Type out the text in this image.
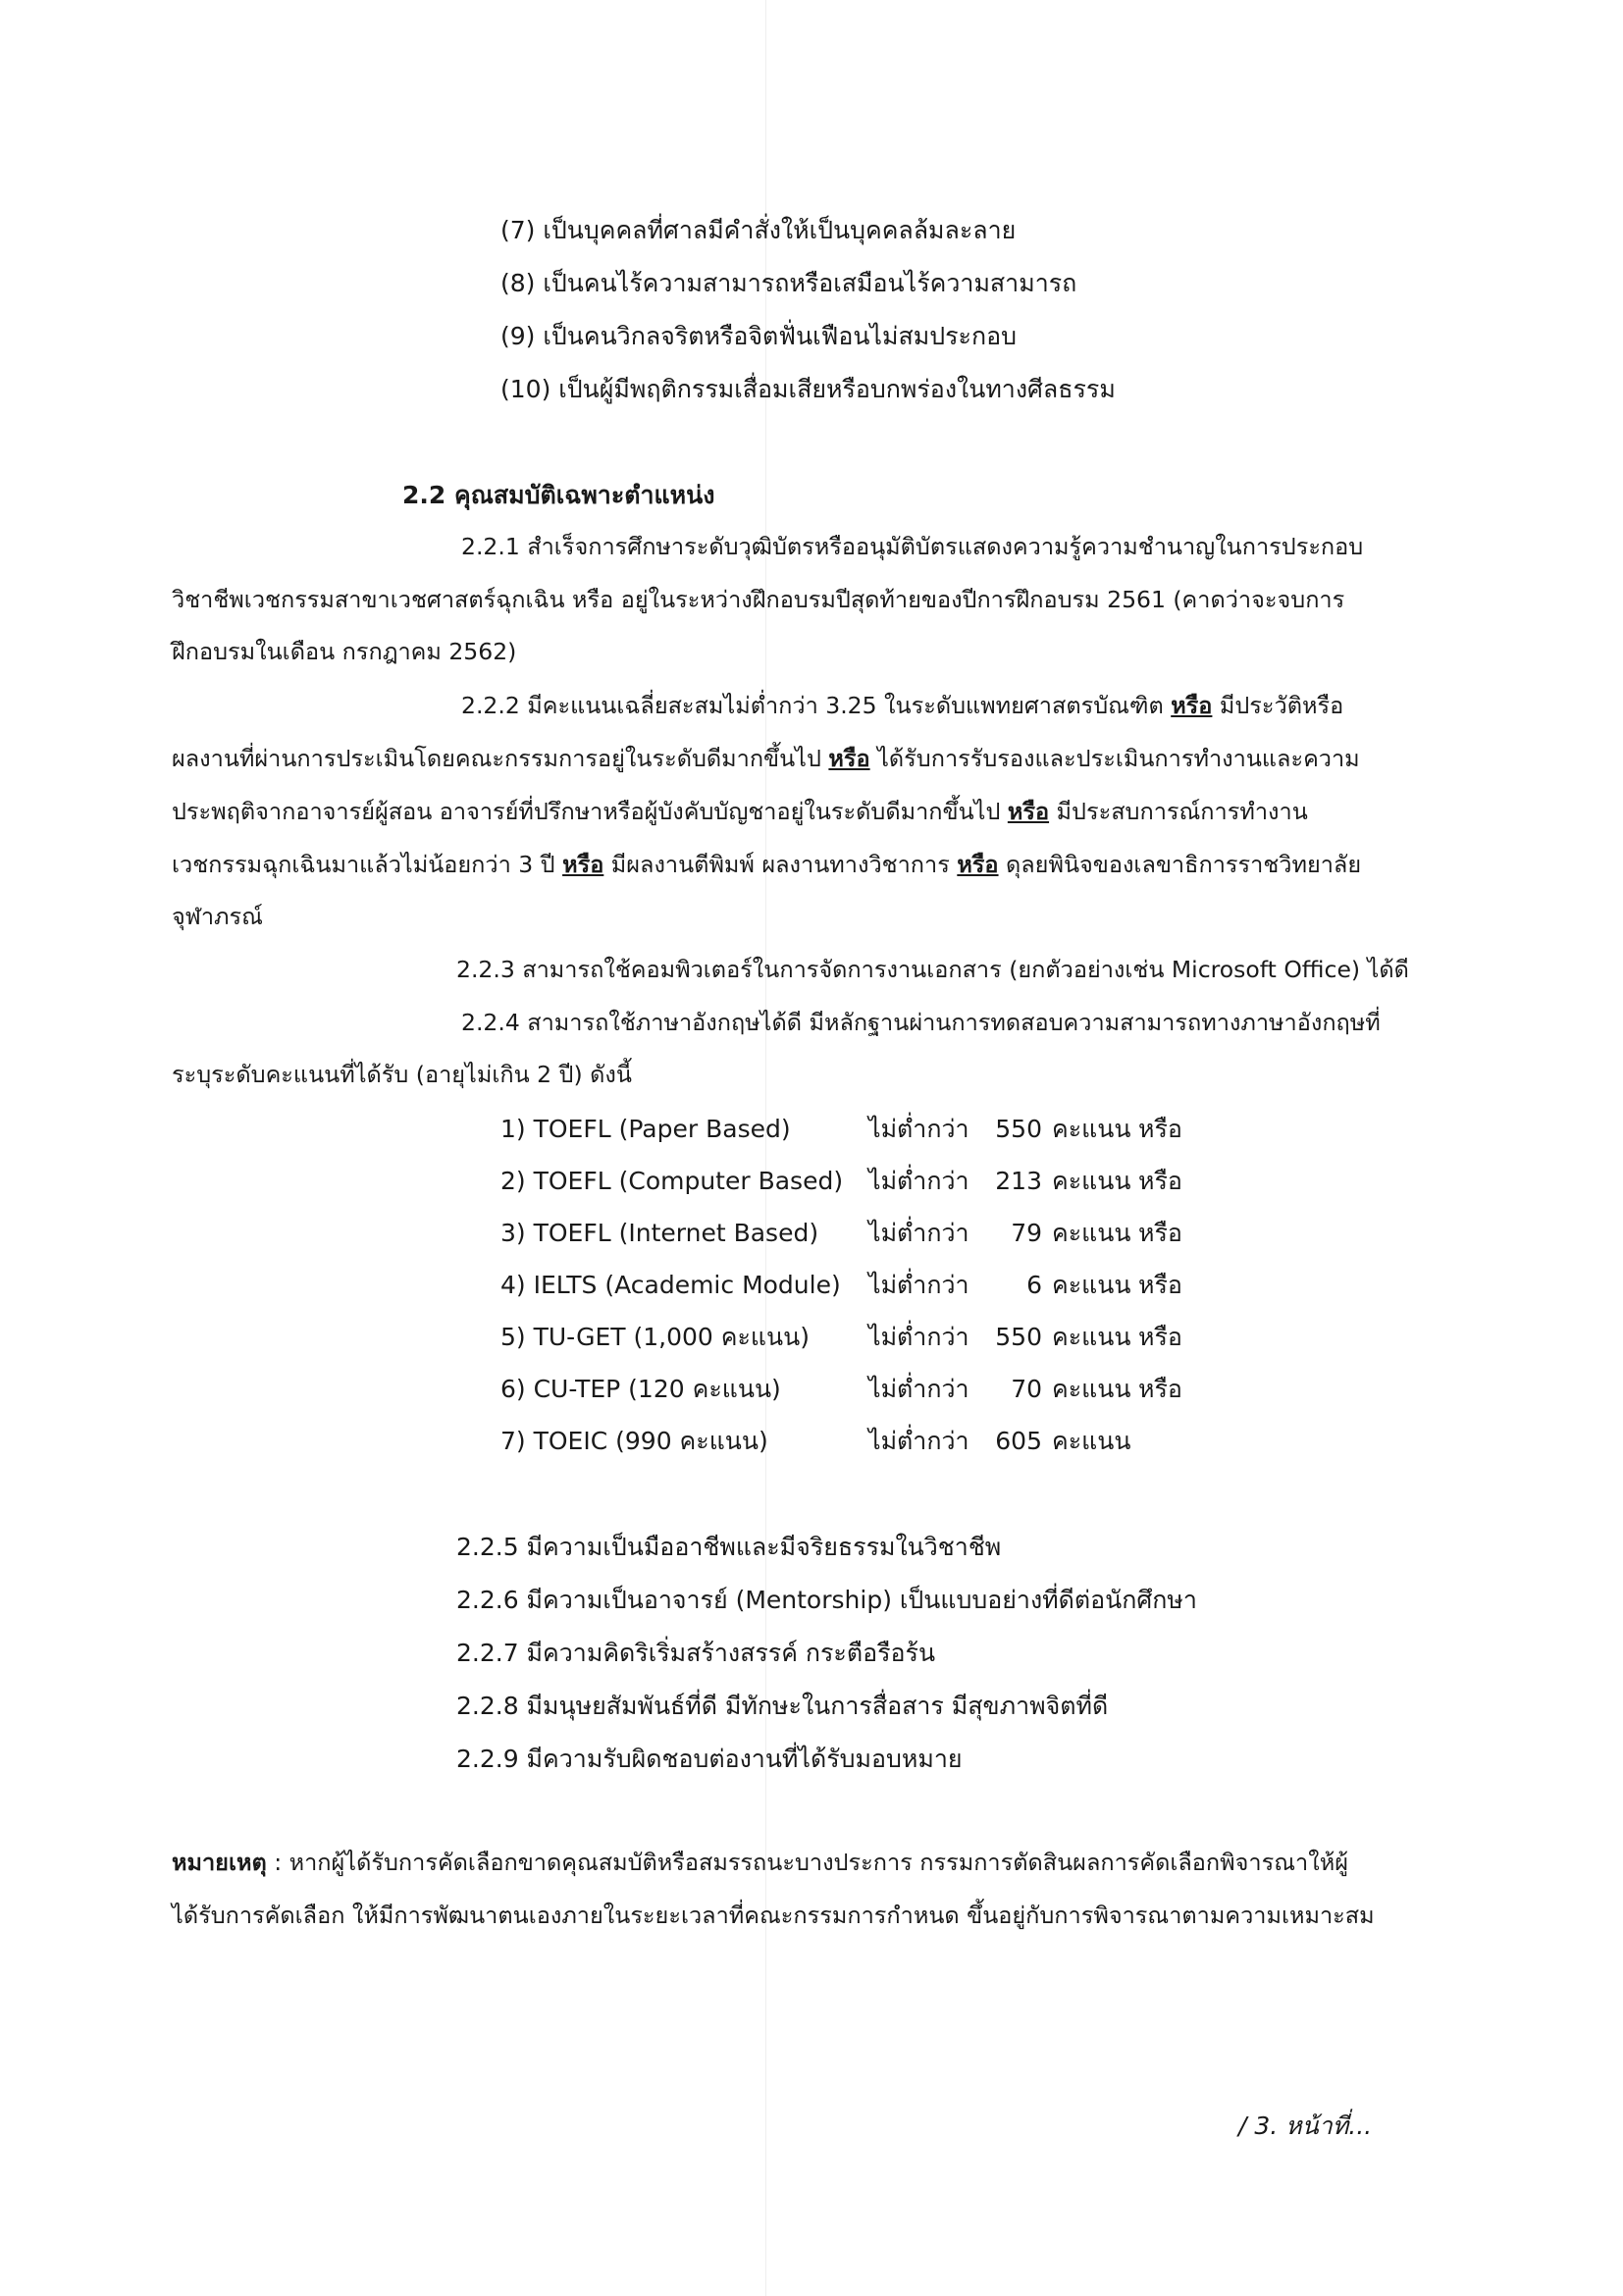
(7) เป็นบุคคลที่ศาลมีคำสั่งให้เป็นบุคคลล้มละลาย
(8) เป็นคนไร้ความสามารถหรือเสมือนไร้ความสามารถ
(9) เป็นคนวิกลจริตหรือจิตฟั่นเฟือนไม่สมประกอบ
(10) เป็นผู้มีพฤติกรรมเสื่อมเสียหรือบกพร่องในทางศีลธรรม
2.2 คุณสมบัติเฉพาะตำแหน่ง
2.2.1 สำเร็จการศึกษาระดับวุฒิบัตรหรืออนุมัติบัตรแสดงความรู้ความชำนาญในการประกอบ
วิชาชีพเวชกรรมสาขาเวชศาสตร์ฉุกเฉิน หรือ อยู่ในระหว่างฝึกอบรมปีสุดท้ายของปีการฝึกอบรม 2561 (คาดว่าจะจบการ
ฝึกอบรมในเดือน กรกฎาคม 2562)
2.2.2 มีคะแนนเฉลี่ยสะสมไม่ต่ำกว่า 3.25 ในระดับแพทยศาสตรบัณฑิต หรือ มีประวัติหรือ
ผลงานที่ผ่านการประเมินโดยคณะกรรมการอยู่ในระดับดีมากขึ้นไป หรือ ได้รับการรับรองและประเมินการทำงานและความ
ประพฤติจากอาจารย์ผู้สอน อาจารย์ที่ปรึกษาหรือผู้บังคับบัญชาอยู่ในระดับดีมากขึ้นไป หรือ มีประสบการณ์การทำงาน
เวชกรรมฉุกเฉินมาแล้วไม่น้อยกว่า 3 ปี หรือ มีผลงานตีพิมพ์ ผลงานทางวิชาการ หรือ ดุลยพินิจของเลขาธิการราชวิทยาลัย
จุฬาภรณ์
2.2.3 สามารถใช้คอมพิวเตอร์ในการจัดการงานเอกสาร (ยกตัวอย่างเช่น Microsoft Office) ได้ดี
2.2.4 สามารถใช้ภาษาอังกฤษได้ดี มีหลักฐานผ่านการทดสอบความสามารถทางภาษาอังกฤษที่
ระบุระดับคะแนนที่ได้รับ (อายุไม่เกิน 2 ปี) ดังนี้
1) TOEFL (Paper Based)	ไม่ต่ำกว่า 550 คะแนน หรือ
2) TOEFL (Computer Based) ไม่ต่ำกว่า 213 คะแนน หรือ
3) TOEFL (Internet Based) ไม่ต่ำกว่า	79 คะแนน หรือ
4) IELTS (Academic Module) ไม่ต่ำกว่า	6 คะแนน หรือ
5) TU-GET (1,000 คะแนน) ไม่ต่ำกว่า 550 คะแนน หรือ
6) CU-TEP (120 คะแนน)	ไม่ต่ำกว่า	70 คะแนน หรือ
7) TOEIC (990 คะแนน)	ไม่ต่ำกว่า 605 คะแนน
2.2.5 มีความเป็นมืออาชีพและมีจริยธรรมในวิชาชีพ
2.2.6 มีความเป็นอาจารย์ (Mentorship) เป็นแบบอย่างที่ดีต่อนักศึกษา
2.2.7 มีความคิดริเริ่มสร้างสรรค์ กระตือรือร้น
2.2.8 มีมนุษยสัมพันธ์ที่ดี มีทักษะในการสื่อสาร มีสุขภาพจิตที่ดี
2.2.9 มีความรับผิดชอบต่องานที่ได้รับมอบหมาย
หมายเหตุ : หากผู้ได้รับการคัดเลือกขาดคุณสมบัติหรือสมรรถนะบางประการ กรรมการตัดสินผลการคัดเลือกพิจารณาให้ผู้
ได้รับการคัดเลือก ให้มีการพัฒนาตนเองภายในระยะเวลาที่คณะกรรมการกำหนด ขึ้นอยู่กับการพิจารณาตามความเหมาะสม
/ 3. หน้าที่...
